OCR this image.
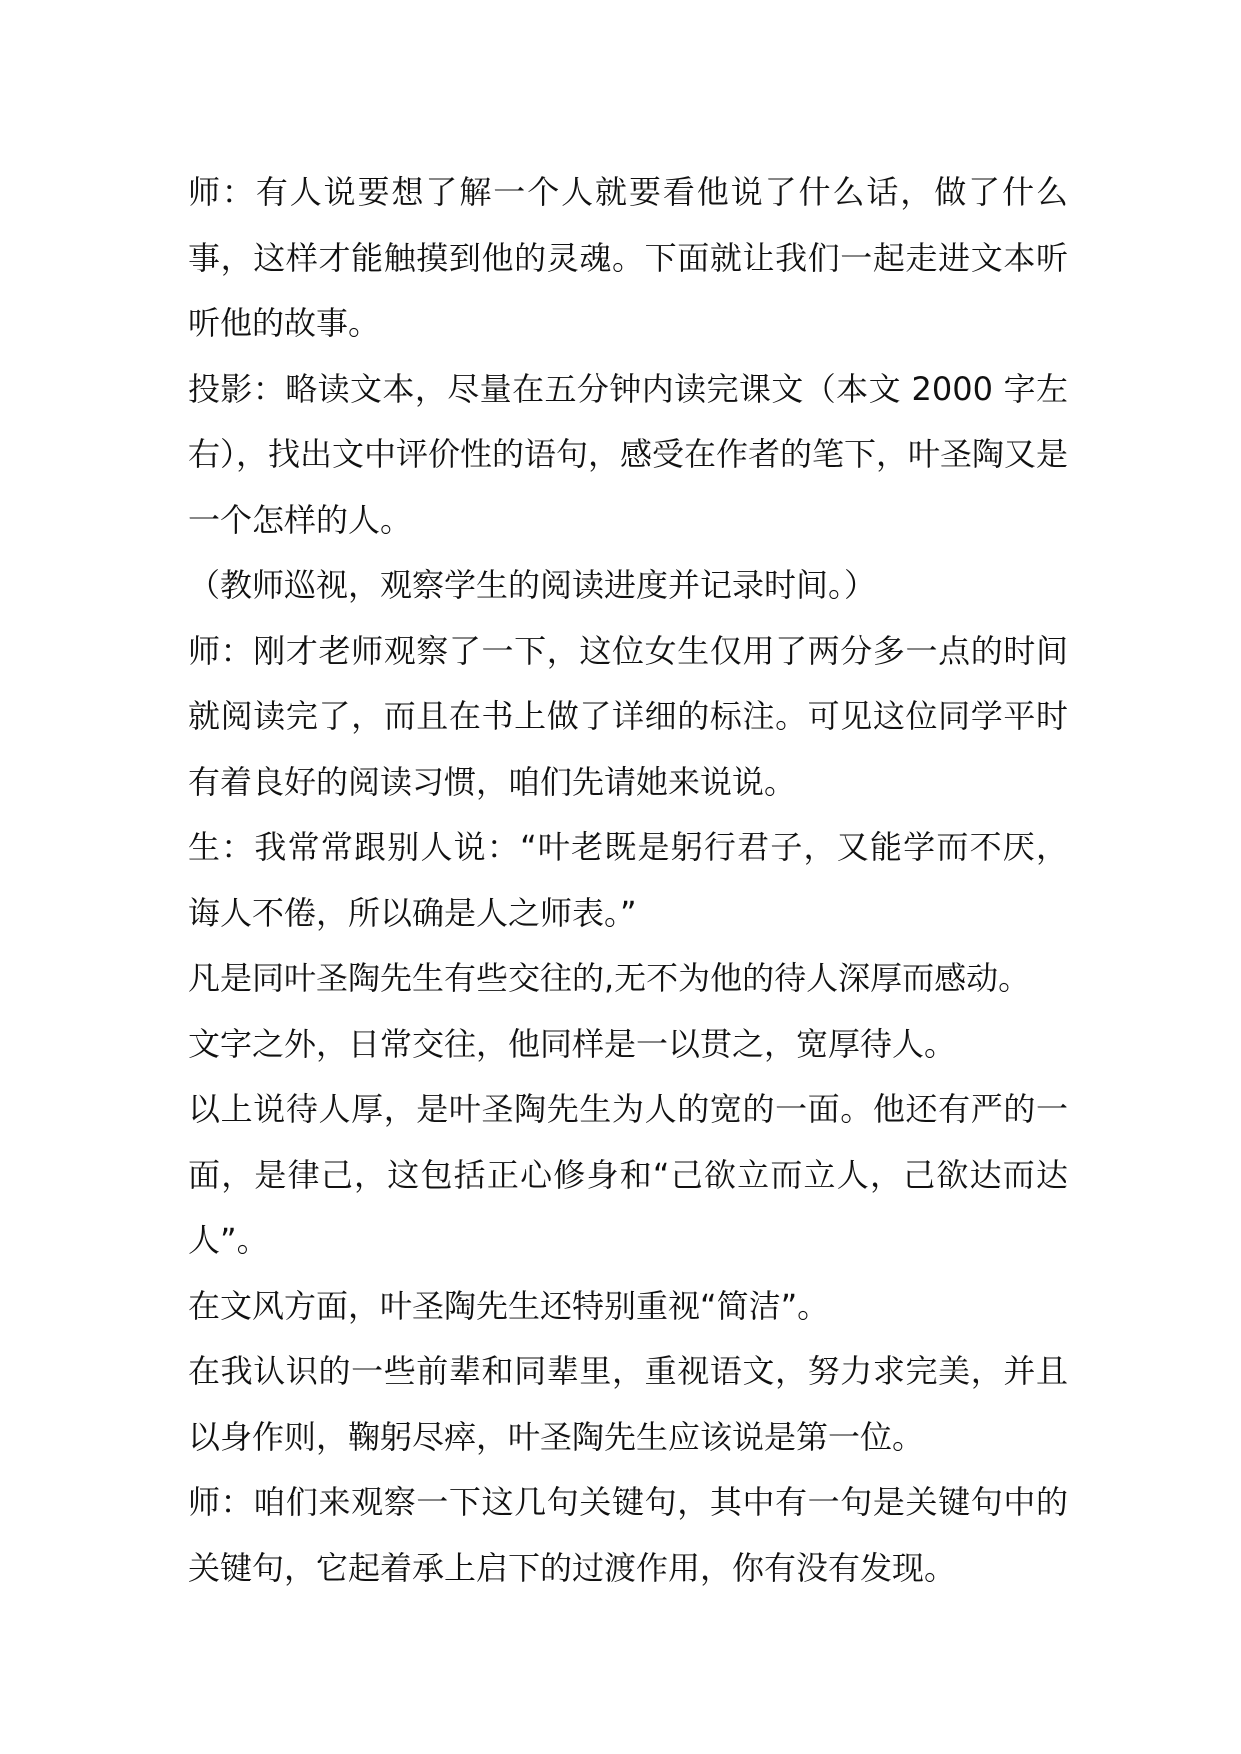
师：有人说要想了解一个人就要看他说了什么话，做了什么事，这样才能触摸到他的灵魂。下面就让我们一起走进文本听听他的故事。

投影：略读文本，尽量在五分钟内读完课文（本文 2000 字左右），找出文中评价性的语句，感受在作者的笔下，叶圣陶又是一个怎样的人。

（教师巡视，观察学生的阅读进度并记录时间。）

师：刚才老师观察了一下，这位女生仅用了两分多一点的时间就阅读完了，而且在书上做了详细的标注。可见这位同学平时有着良好的阅读习惯，咱们先请她来说说。

生：我常常跟别人说：“叶老既是躬行君子，又能学而不厌，诲人不倦，所以确是人之师表。”

凡是同叶圣陶先生有些交往的,无不为他的待人深厚而感动。

文字之外，日常交往，他同样是一以贯之，宽厚待人。

以上说待人厚，是叶圣陶先生为人的宽的一面。他还有严的一面，是律己，这包括正心修身和“己欲立而立人，己欲达而达人”。

在文风方面，叶圣陶先生还特别重视“简洁”。

在我认识的一些前辈和同辈里，重视语文，努力求完美，并且以身作则，鞠躬尽瘁，叶圣陶先生应该说是第一位。

师：咱们来观察一下这几句关键句，其中有一句是关键句中的关键句，它起着承上启下的过渡作用，你有没有发现。
